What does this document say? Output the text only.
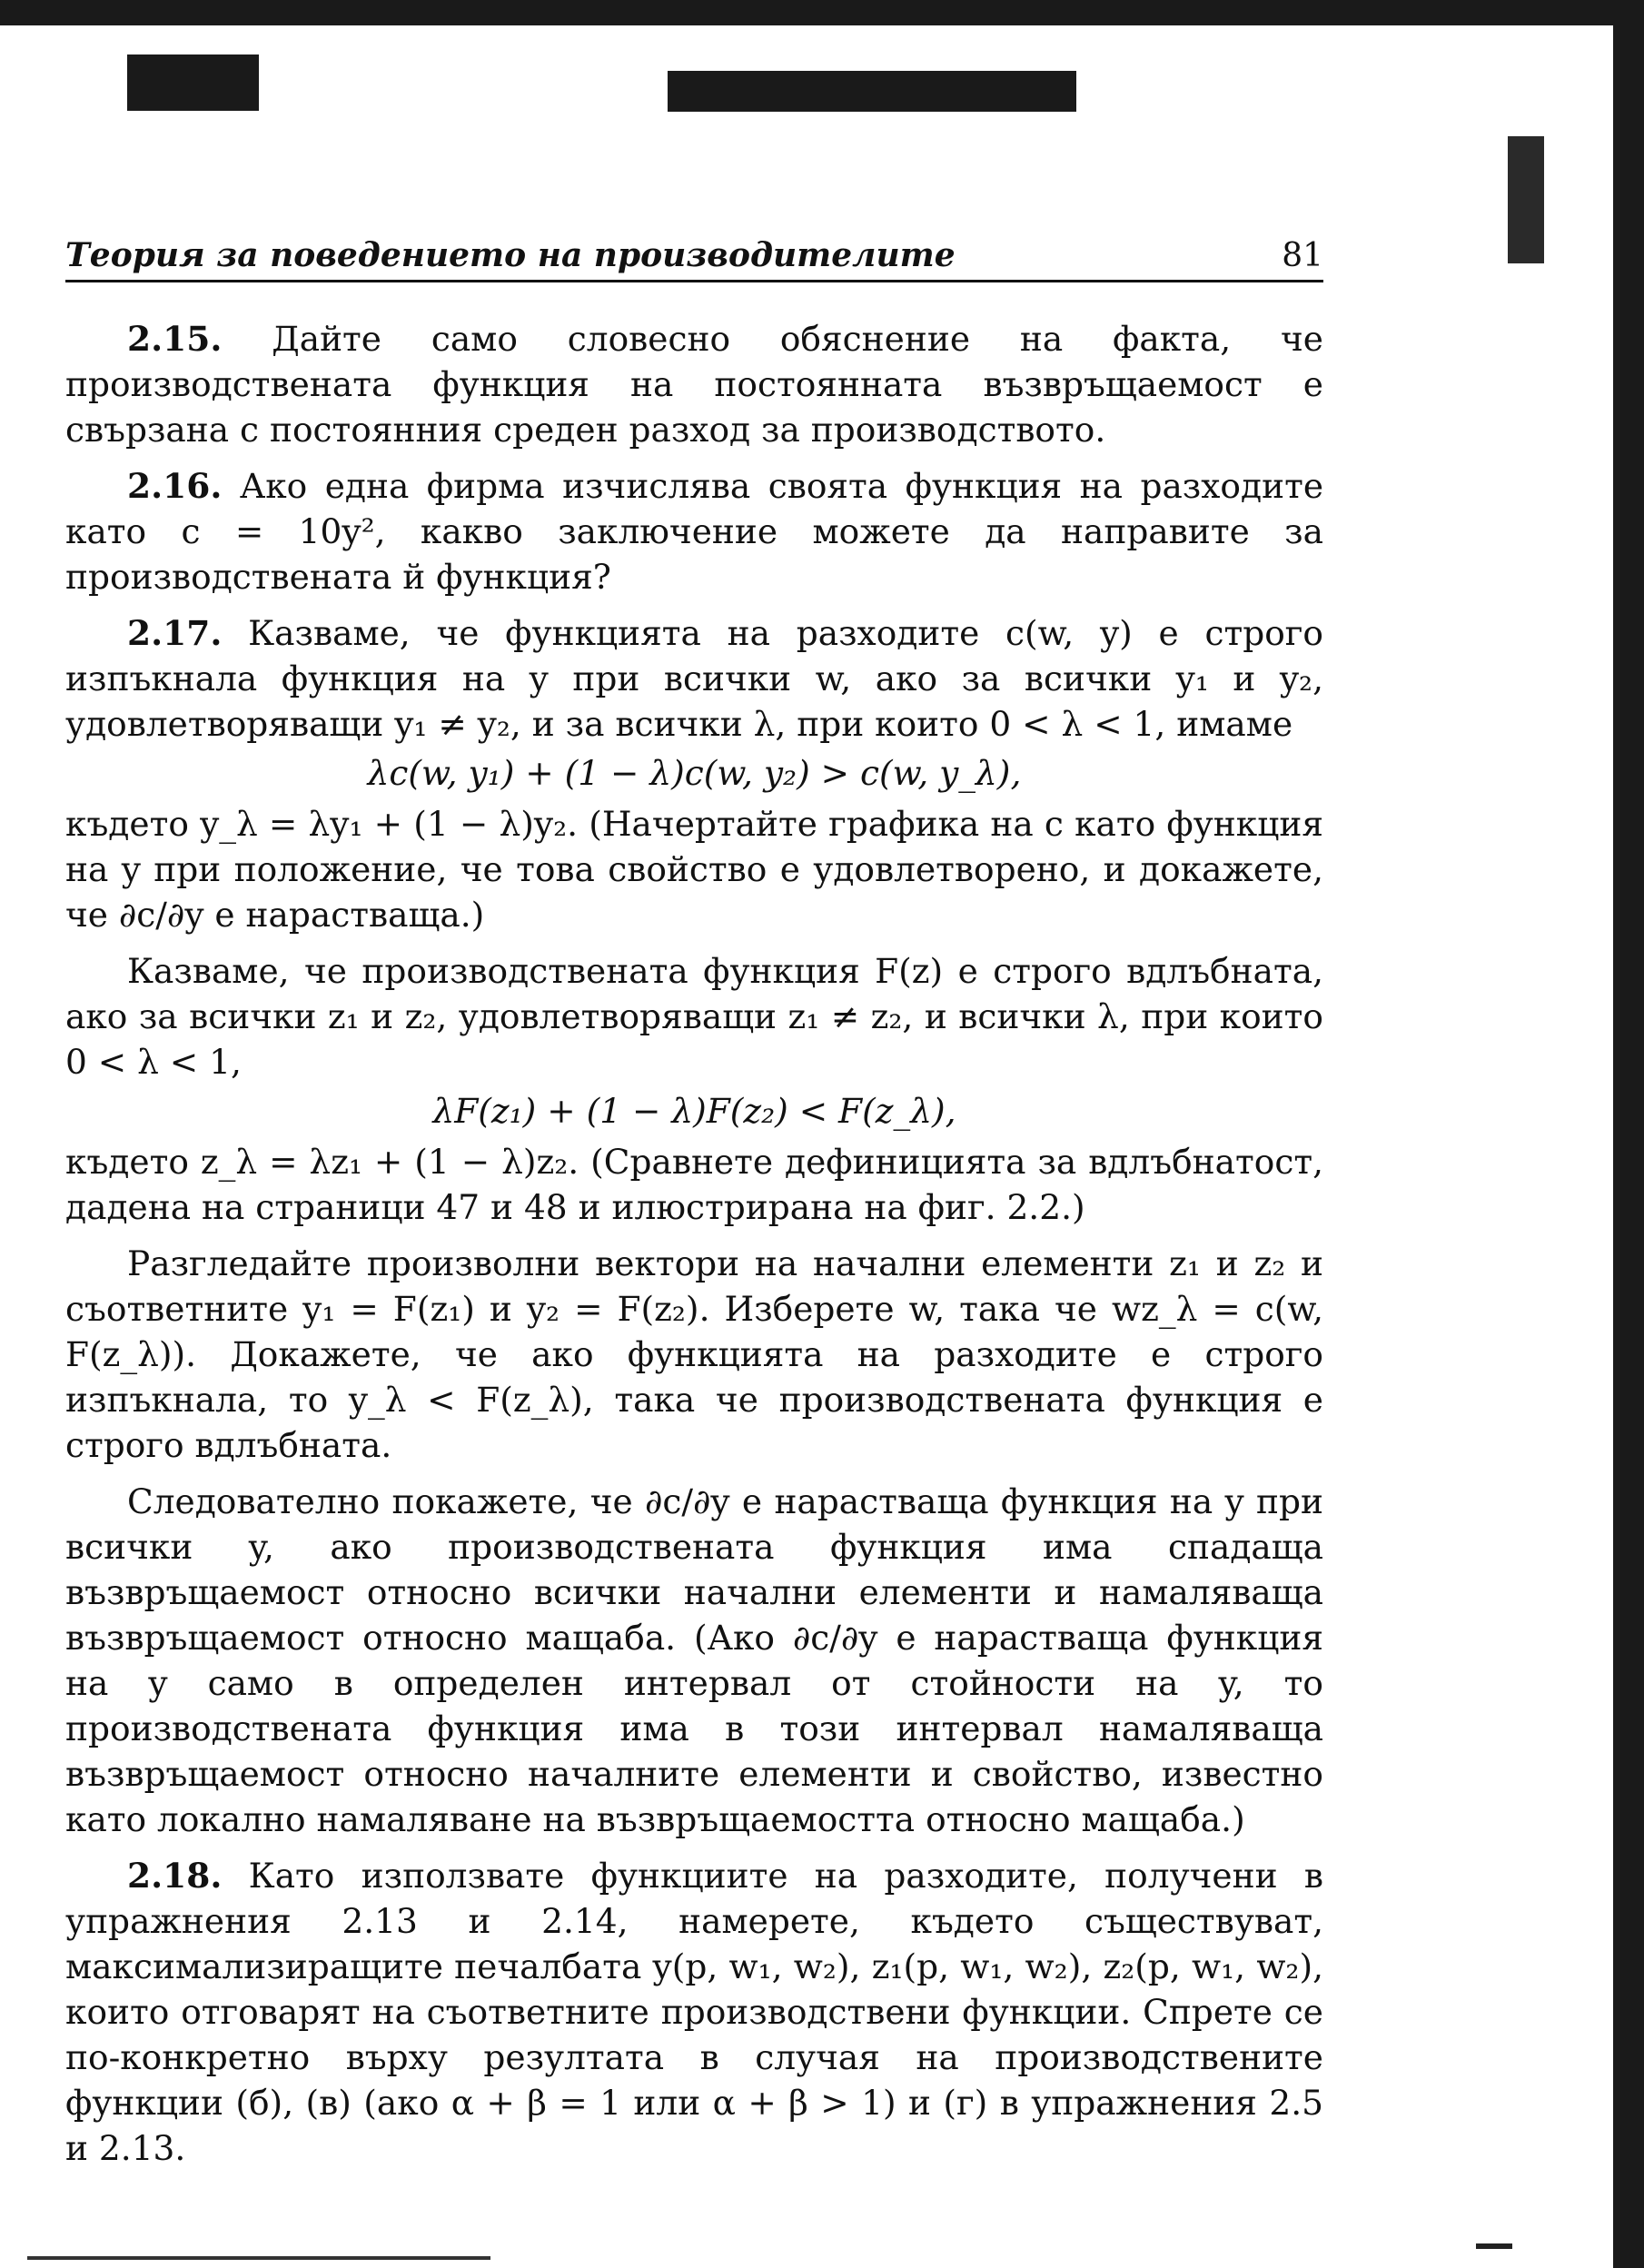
Теория за поведението на производителите	81

2.15. Дайте само словесно обяснение на факта, че производствената функция на постоянната възвръщаемост е свързана с постоянния среден разход за производството.

2.16. Ако една фирма изчислява своята функция на разходите като c = 10y², какво заключение можете да направите за производствената й функция?

2.17. Казваме, че функцията на разходите c(w, y) е строго изпъкнала функция на y при всички w, ако за всички y₁ и y₂, удовлетворяващи y₁ ≠ y₂, и за всички λ, при които 0 < λ < 1, имаме

λc(w, y₁) + (1 − λ)c(w, y₂) > c(w, y_λ),

където y_λ = λy₁ + (1 − λ)y₂. (Начертайте графика на c като функция на y при положение, че това свойство е удовлетворено, и докажете, че ∂c/∂y е нарастваща.)

Казваме, че производствената функция F(z) е строго вдлъбната, ако за всички z₁ и z₂, удовлетворяващи z₁ ≠ z₂, и всички λ, при които 0 < λ < 1,

λF(z₁) + (1 − λ)F(z₂) < F(z_λ),

където z_λ = λz₁ + (1 − λ)z₂. (Сравнете дефиницията за вдлъбнатост, дадена на страници 47 и 48 и илюстрирана на фиг. 2.2.)

Разгледайте произволни вектори на начални елементи z₁ и z₂ и съответните y₁ = F(z₁) и y₂ = F(z₂). Изберете w, така че wz_λ = c(w, F(z_λ)). Докажете, че ако функцията на разходите е строго изпъкнала, то y_λ < F(z_λ), така че производствената функция е строго вдлъбната.

Следователно покажете, че ∂c/∂y е нарастваща функция на y при всички y, ако производствената функция има спадаща възвръщаемост относно всички начални елементи и намаляваща възвръщаемост относно мащаба. (Ако ∂c/∂y е нарастваща функция на y само в определен интервал от стойности на y, то производствената функция има в този интервал намаляваща възвръщаемост относно началните елементи и свойство, известно като локално намаляване на възвръщаемостта относно мащаба.)

2.18. Като използвате функциите на разходите, получени в упражнения 2.13 и 2.14, намерете, където съществуват, максимализиращите печалбата y(p, w₁, w₂), z₁(p, w₁, w₂), z₂(p, w₁, w₂), които отговарят на съответните производствени функции. Спрете се по-конкретно върху резултата в случая на производствените функции (б), (в) (ако α + β = 1 или α + β > 1) и (г) в упражнения 2.5 и 2.13.
